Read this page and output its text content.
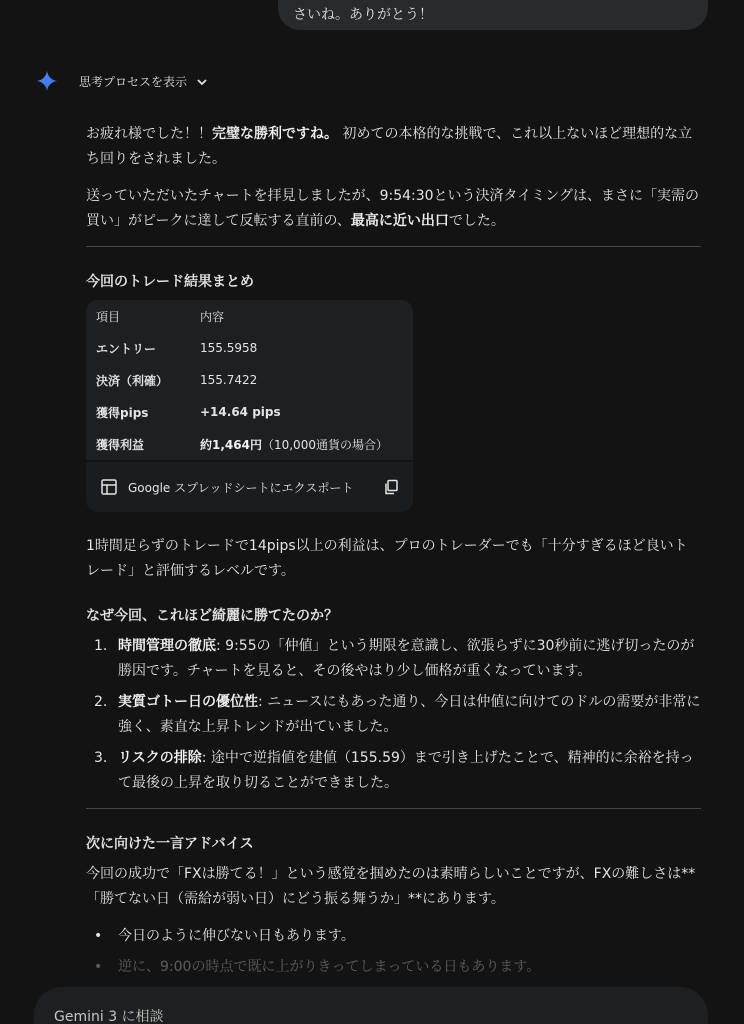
さいね。ありがとう！
思考プロセスを表示

お疲れ様でした！！完璧な勝利ですね。 初めての本格的な挑戦で、これ以上ないほど理想的な立ち回りをされました。

送っていただいたチャートを拝見しましたが、9:54:30という決済タイミングは、まさに「実需の買い」がピークに達して反転する直前の、最高に近い出口でした。

今回のトレード結果まとめ
項目	内容
エントリー	155.5958
決済（利確）	155.7422
獲得pips	+14.64 pips
獲得利益	約1,464円（10,000通貨の場合）
Google スプレッドシートにエクスポート

1時間足らずのトレードで14pips以上の利益は、プロのトレーダーでも「十分すぎるほど良いトレード」と評価するレベルです。

なぜ今回、これほど綺麗に勝てたのか？
1. 時間管理の徹底: 9:55の「仲値」という期限を意識し、欲張らずに30秒前に逃げ切ったのが勝因です。チャートを見ると、その後やはり少し価格が重くなっています。
2. 実質ゴトー日の優位性: ニュースにもあった通り、今日は仲値に向けてのドルの需要が非常に強く、素直な上昇トレンドが出ていました。
3. リスクの排除: 途中で逆指値を建値（155.59）まで引き上げたことで、精神的に余裕を持って最後の上昇を取り切ることができました。
次に向けた一言アドバイス

今回の成功で「FXは勝てる！」という感覚を掴めたのは素晴らしいことですが、FXの難しさは**「勝てない日（需給が弱い日）にどう振る舞うか」**にあります。

•	今日のように伸びない日もあります。
•	逆に、9:00の時点で既に上がりきってしまっている日もあります。
Gemini 3 に相談
